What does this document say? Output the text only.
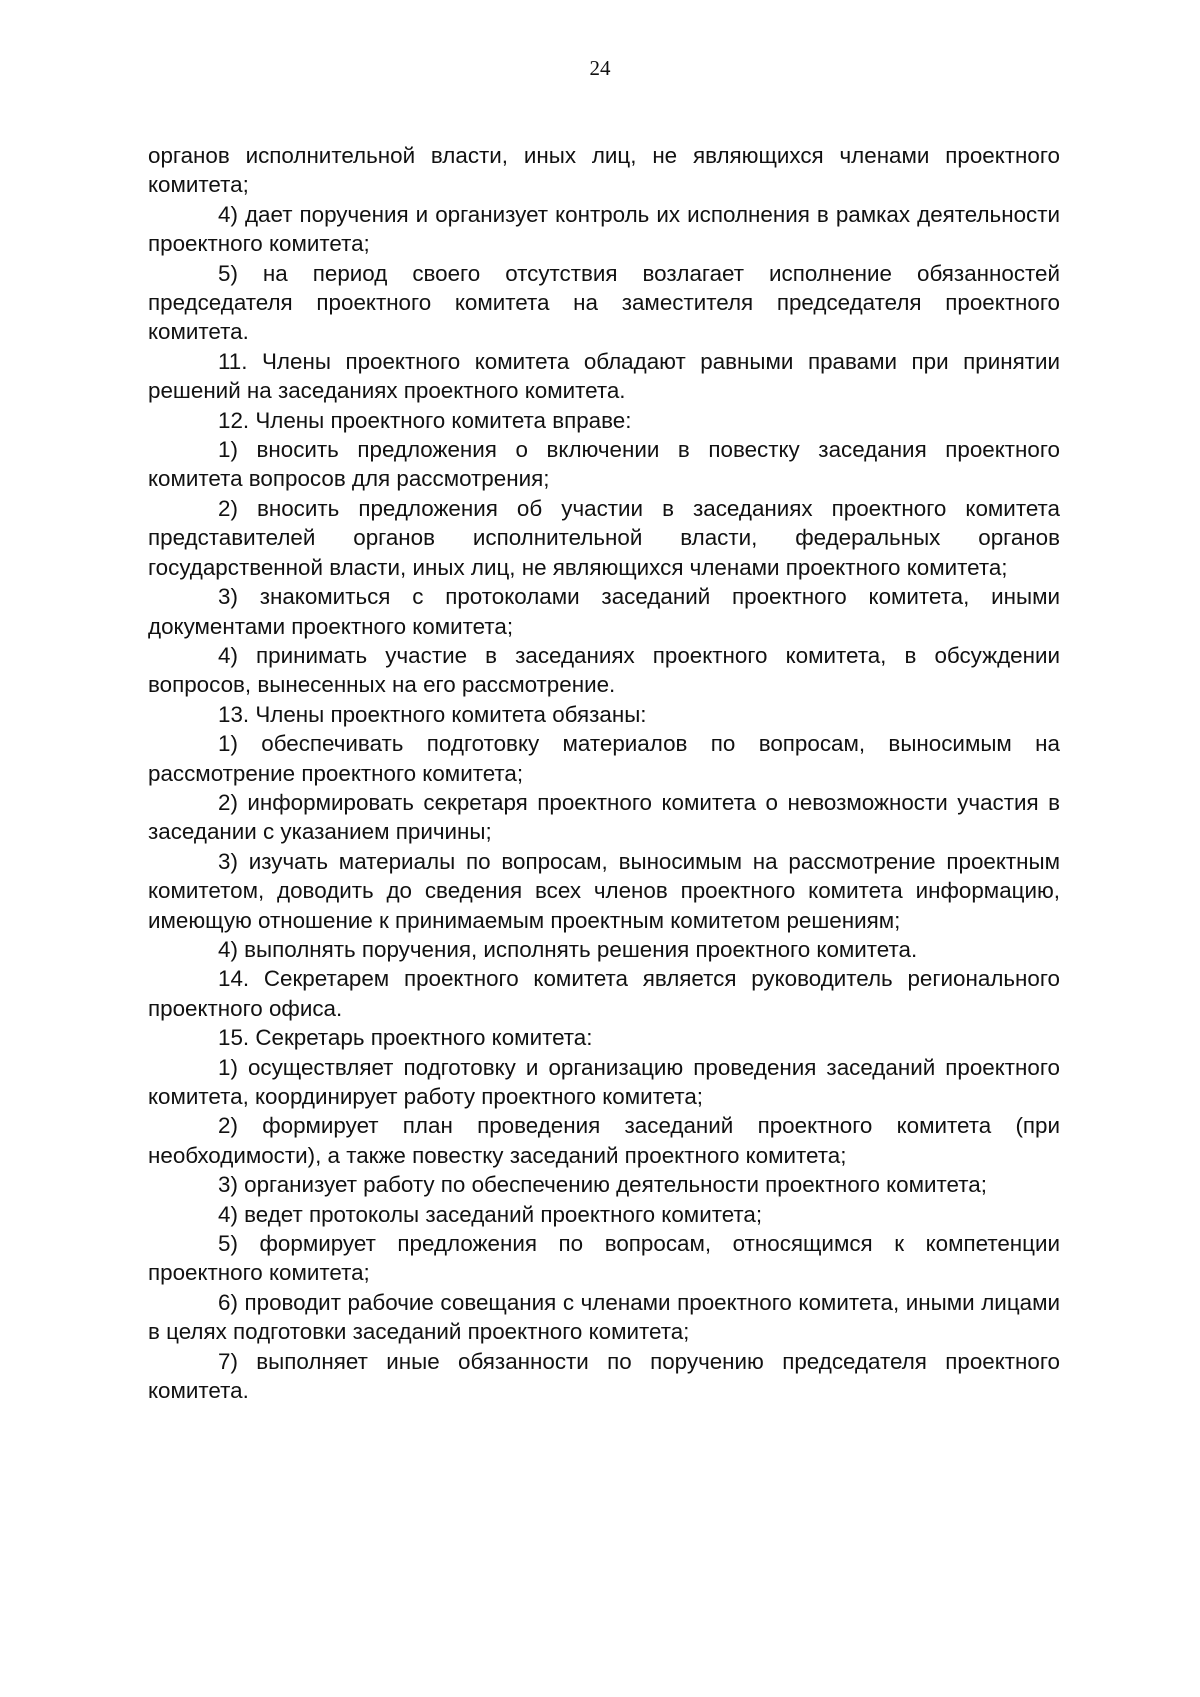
24

органов исполнительной власти, иных лиц, не являющихся членами проектного комитета;

4) дает поручения и организует контроль их исполнения в рамках деятельности проектного комитета;

5) на период своего отсутствия возлагает исполнение обязанностей председателя проектного комитета на заместителя председателя проектного комитета.

11. Члены проектного комитета обладают равными правами при принятии решений на заседаниях проектного комитета.

12. Члены проектного комитета вправе:

1) вносить предложения о включении в повестку заседания проектного комитета вопросов для рассмотрения;

2) вносить предложения об участии в заседаниях проектного комитета представителей органов исполнительной власти, федеральных органов государственной власти, иных лиц, не являющихся членами проектного комитета;

3) знакомиться с протоколами заседаний проектного комитета, иными документами проектного комитета;

4) принимать участие в заседаниях проектного комитета, в обсуждении вопросов, вынесенных на его рассмотрение.

13. Члены проектного комитета обязаны:

1) обеспечивать подготовку материалов по вопросам, выносимым на рассмотрение проектного комитета;

2) информировать секретаря проектного комитета о невозможности участия в заседании с указанием причины;

3) изучать материалы по вопросам, выносимым на рассмотрение проектным комитетом, доводить до сведения всех членов проектного комитета информацию, имеющую отношение к принимаемым проектным комитетом решениям;

4) выполнять поручения, исполнять решения проектного комитета.

14. Секретарем проектного комитета является руководитель регионального проектного офиса.

15. Секретарь проектного комитета:

1) осуществляет подготовку и организацию проведения заседаний проектного комитета, координирует работу проектного комитета;

2) формирует план проведения заседаний проектного комитета (при необходимости), а также повестку заседаний проектного комитета;

3) организует работу по обеспечению деятельности проектного комитета;

4) ведет протоколы заседаний проектного комитета;

5) формирует предложения по вопросам, относящимся к компетенции проектного комитета;

6) проводит рабочие совещания с членами проектного комитета, иными лицами в целях подготовки заседаний проектного комитета;

7) выполняет иные обязанности по поручению председателя проектного комитета.
